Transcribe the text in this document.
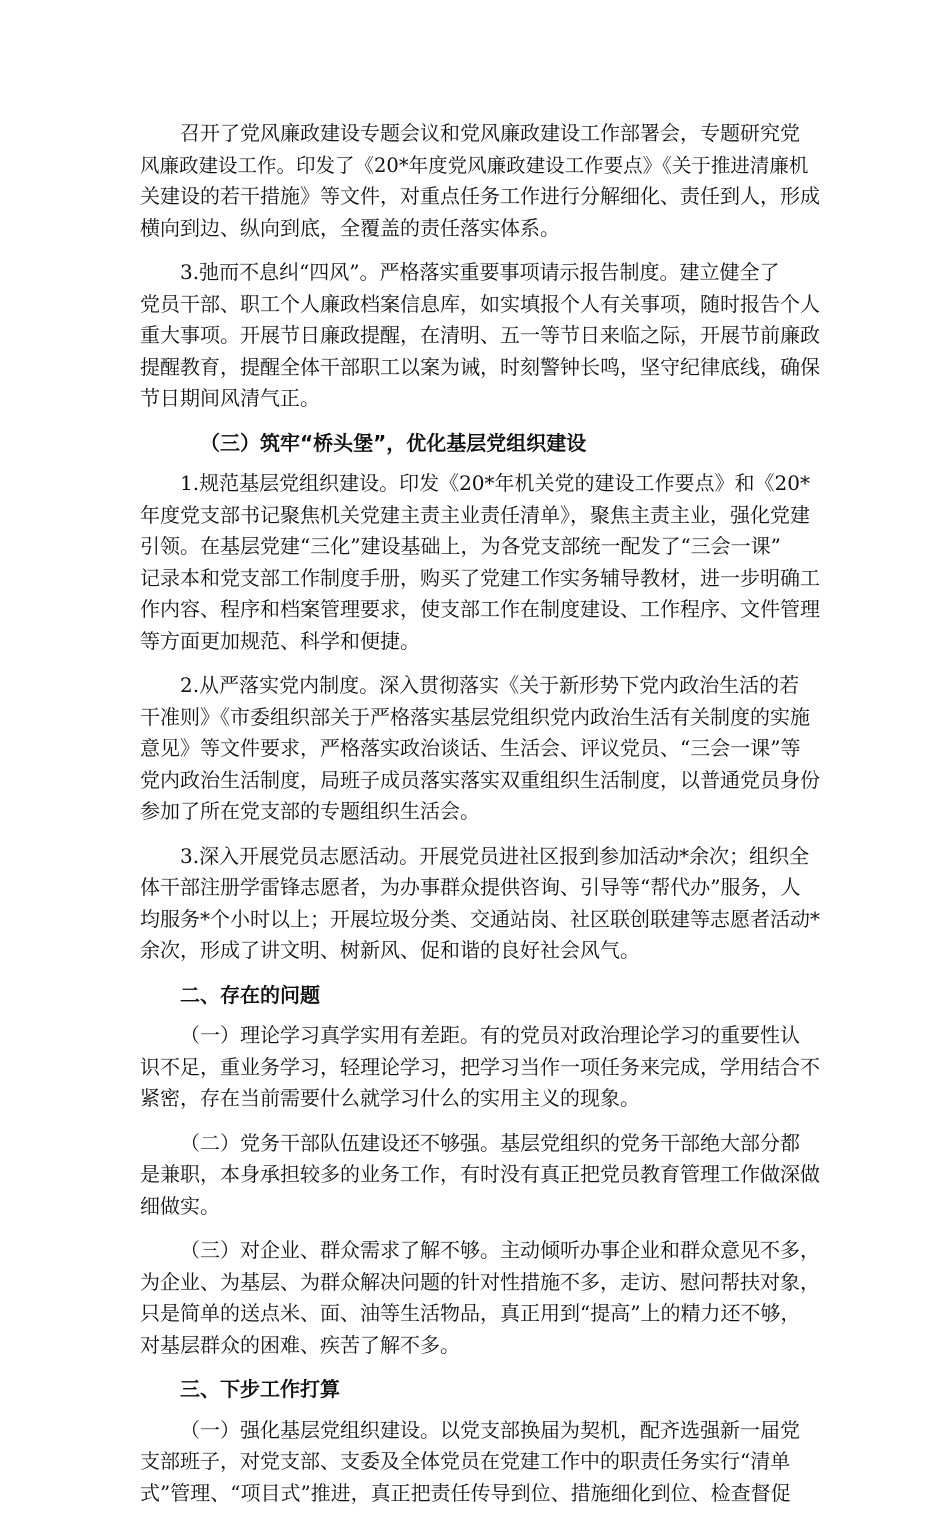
召开了党风廉政建设专题会议和党风廉政建设工作部署会，专题研究党
风廉政建设工作。印发了《20*年度党风廉政建设工作要点》《关于推进清廉机
关建设的若干措施》等文件，对重点任务工作进行分解细化、责任到人，形成
横向到边、纵向到底，全覆盖的责任落实体系。
3.弛而不息纠“四风”。严格落实重要事项请示报告制度。建立健全了
党员干部、职工个人廉政档案信息库，如实填报个人有关事项，随时报告个人
重大事项。开展节日廉政提醒，在清明、五一等节日来临之际，开展节前廉政
提醒教育，提醒全体干部职工以案为诫，时刻警钟长鸣，坚守纪律底线，确保
节日期间风清气正。
（三）筑牢“桥头堡”，优化基层党组织建设
1.规范基层党组织建设。印发《20*年机关党的建设工作要点》和《20*
年度党支部书记聚焦机关党建主责主业责任清单》，聚焦主责主业，强化党建
引领。在基层党建“三化”建设基础上，为各党支部统一配发了“三会一课”
记录本和党支部工作制度手册，购买了党建工作实务辅导教材，进一步明确工
作内容、程序和档案管理要求，使支部工作在制度建设、工作程序、文件管理
等方面更加规范、科学和便捷。
2.从严落实党内制度。深入贯彻落实《关于新形势下党内政治生活的若
干准则》《市委组织部关于严格落实基层党组织党内政治生活有关制度的实施
意见》等文件要求，严格落实政治谈话、生活会、评议党员、“三会一课”等
党内政治生活制度，局班子成员落实落实双重组织生活制度，以普通党员身份
参加了所在党支部的专题组织生活会。
3.深入开展党员志愿活动。开展党员进社区报到参加活动*余次；组织全
体干部注册学雷锋志愿者，为办事群众提供咨询、引导等“帮代办”服务，人
均服务*个小时以上；开展垃圾分类、交通站岗、社区联创联建等志愿者活动*
余次，形成了讲文明、树新风、促和谐的良好社会风气。
二、存在的问题
（一）理论学习真学实用有差距。有的党员对政治理论学习的重要性认
识不足，重业务学习，轻理论学习，把学习当作一项任务来完成，学用结合不
紧密，存在当前需要什么就学习什么的实用主义的现象。
（二）党务干部队伍建设还不够强。基层党组织的党务干部绝大部分都
是兼职，本身承担较多的业务工作，有时没有真正把党员教育管理工作做深做
细做实。
（三）对企业、群众需求了解不够。主动倾听办事企业和群众意见不多，
为企业、为基层、为群众解决问题的针对性措施不多，走访、慰问帮扶对象，
只是简单的送点米、面、油等生活物品，真正用到“提高”上的精力还不够，
对基层群众的困难、疾苦了解不多。
三、下步工作打算
（一）强化基层党组织建设。以党支部换届为契机，配齐选强新一届党
支部班子，对党支部、支委及全体党员在党建工作中的职责任务实行“清单
式”管理、“项目式”推进，真正把责任传导到位、措施细化到位、检查督促
